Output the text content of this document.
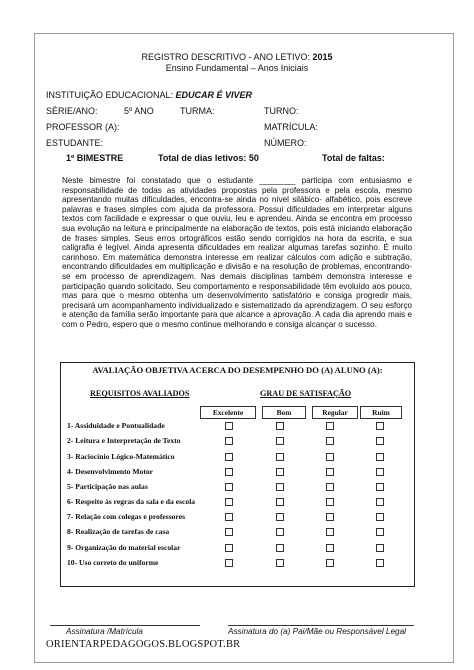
REGISTRO DESCRITIVO - ANO LETIVO: 2015
Ensino Fundamental – Anos Iniciais
INSTITUIÇÃO EDUCACIONAL: EDUCAR É VIVER
SÉRIE/ANO:	5º ANO	TURMA:	TURNO:
PROFESSOR (A):	MATRÍCULA:
ESTUDANTE:	NÚMERO:
1º BIMESTRE	Total de dias letivos: 50	Total de faltas:
Neste bimestre foi constatado que o estudante ________ participa com entusiasmo e responsabilidade de todas as atividades propostas pela professora e pela escola, mesmo apresentando muitas dificuldades, encontra-se ainda no nível silábico- alfabético, pois escreve palavras e frases simples com ajuda da professora. Possui dificuldades em interpretar alguns textos com facilidade e expressar o que ouviu, leu e aprendeu. Ainda se encontra em processo sua evolução na leitura e principalmente na elaboração de textos, pois está iniciando elaboração de frases simples. Seus erros ortográficos estão sendo corrigidos na hora da escrita, e sua caligrafia é legível. Ainda apresenta dificuldades em realizar algumas tarefas sozinho. É muito carinhoso. Em matemática demonstra interesse em realizar cálculos com adição e subtração, encontrando dificuldades em multiplicação e divisão e na resolução de problemas, encontrando-se em processo de aprendizagem. Nas demais disciplinas também demonstra interesse e participação quando solicitado. Seu comportamento e responsabilidade têm evoluído aos pouco, mas para que o mesmo obtenha um desenvolvimento satisfatório e consiga progredir mais, precisará um acompanhamento individualizado e sistematizado da aprendizagem. O seu esforço e atenção da família serão importante para que alcance a aprovação. A cada dia aprendo mais e com o Pedro, espero que o mesmo continue melhorando e consiga alcançar o sucesso.
AVALIAÇÃO OBJETIVA ACERCA DO DESEMPENHO DO (A) ALUNO (A):
REQUISITOS AVALIADOS	GRAU DE SATISFAÇÃO
Excelente	Bom	Regular	Ruim
1- Assiduidade e Pontualidade
2- Leitura e Interpretação de Texto
3- Raciocínio Lógico-Matemático
4- Desenvolvimento Motor
5- Participação nas aulas
6- Respeito às regras da sala e da escola
7- Relação com colegas e professores
8- Realização de tarefas de casa
9- Organização do material escolar
10- Uso correto do uniforme
Assinatura /Matrícula	Assinatura do (a) Pai/Mãe ou Responsável Legal
ORIENTARPEDAGOGOS.BLOGSPOT.BR
